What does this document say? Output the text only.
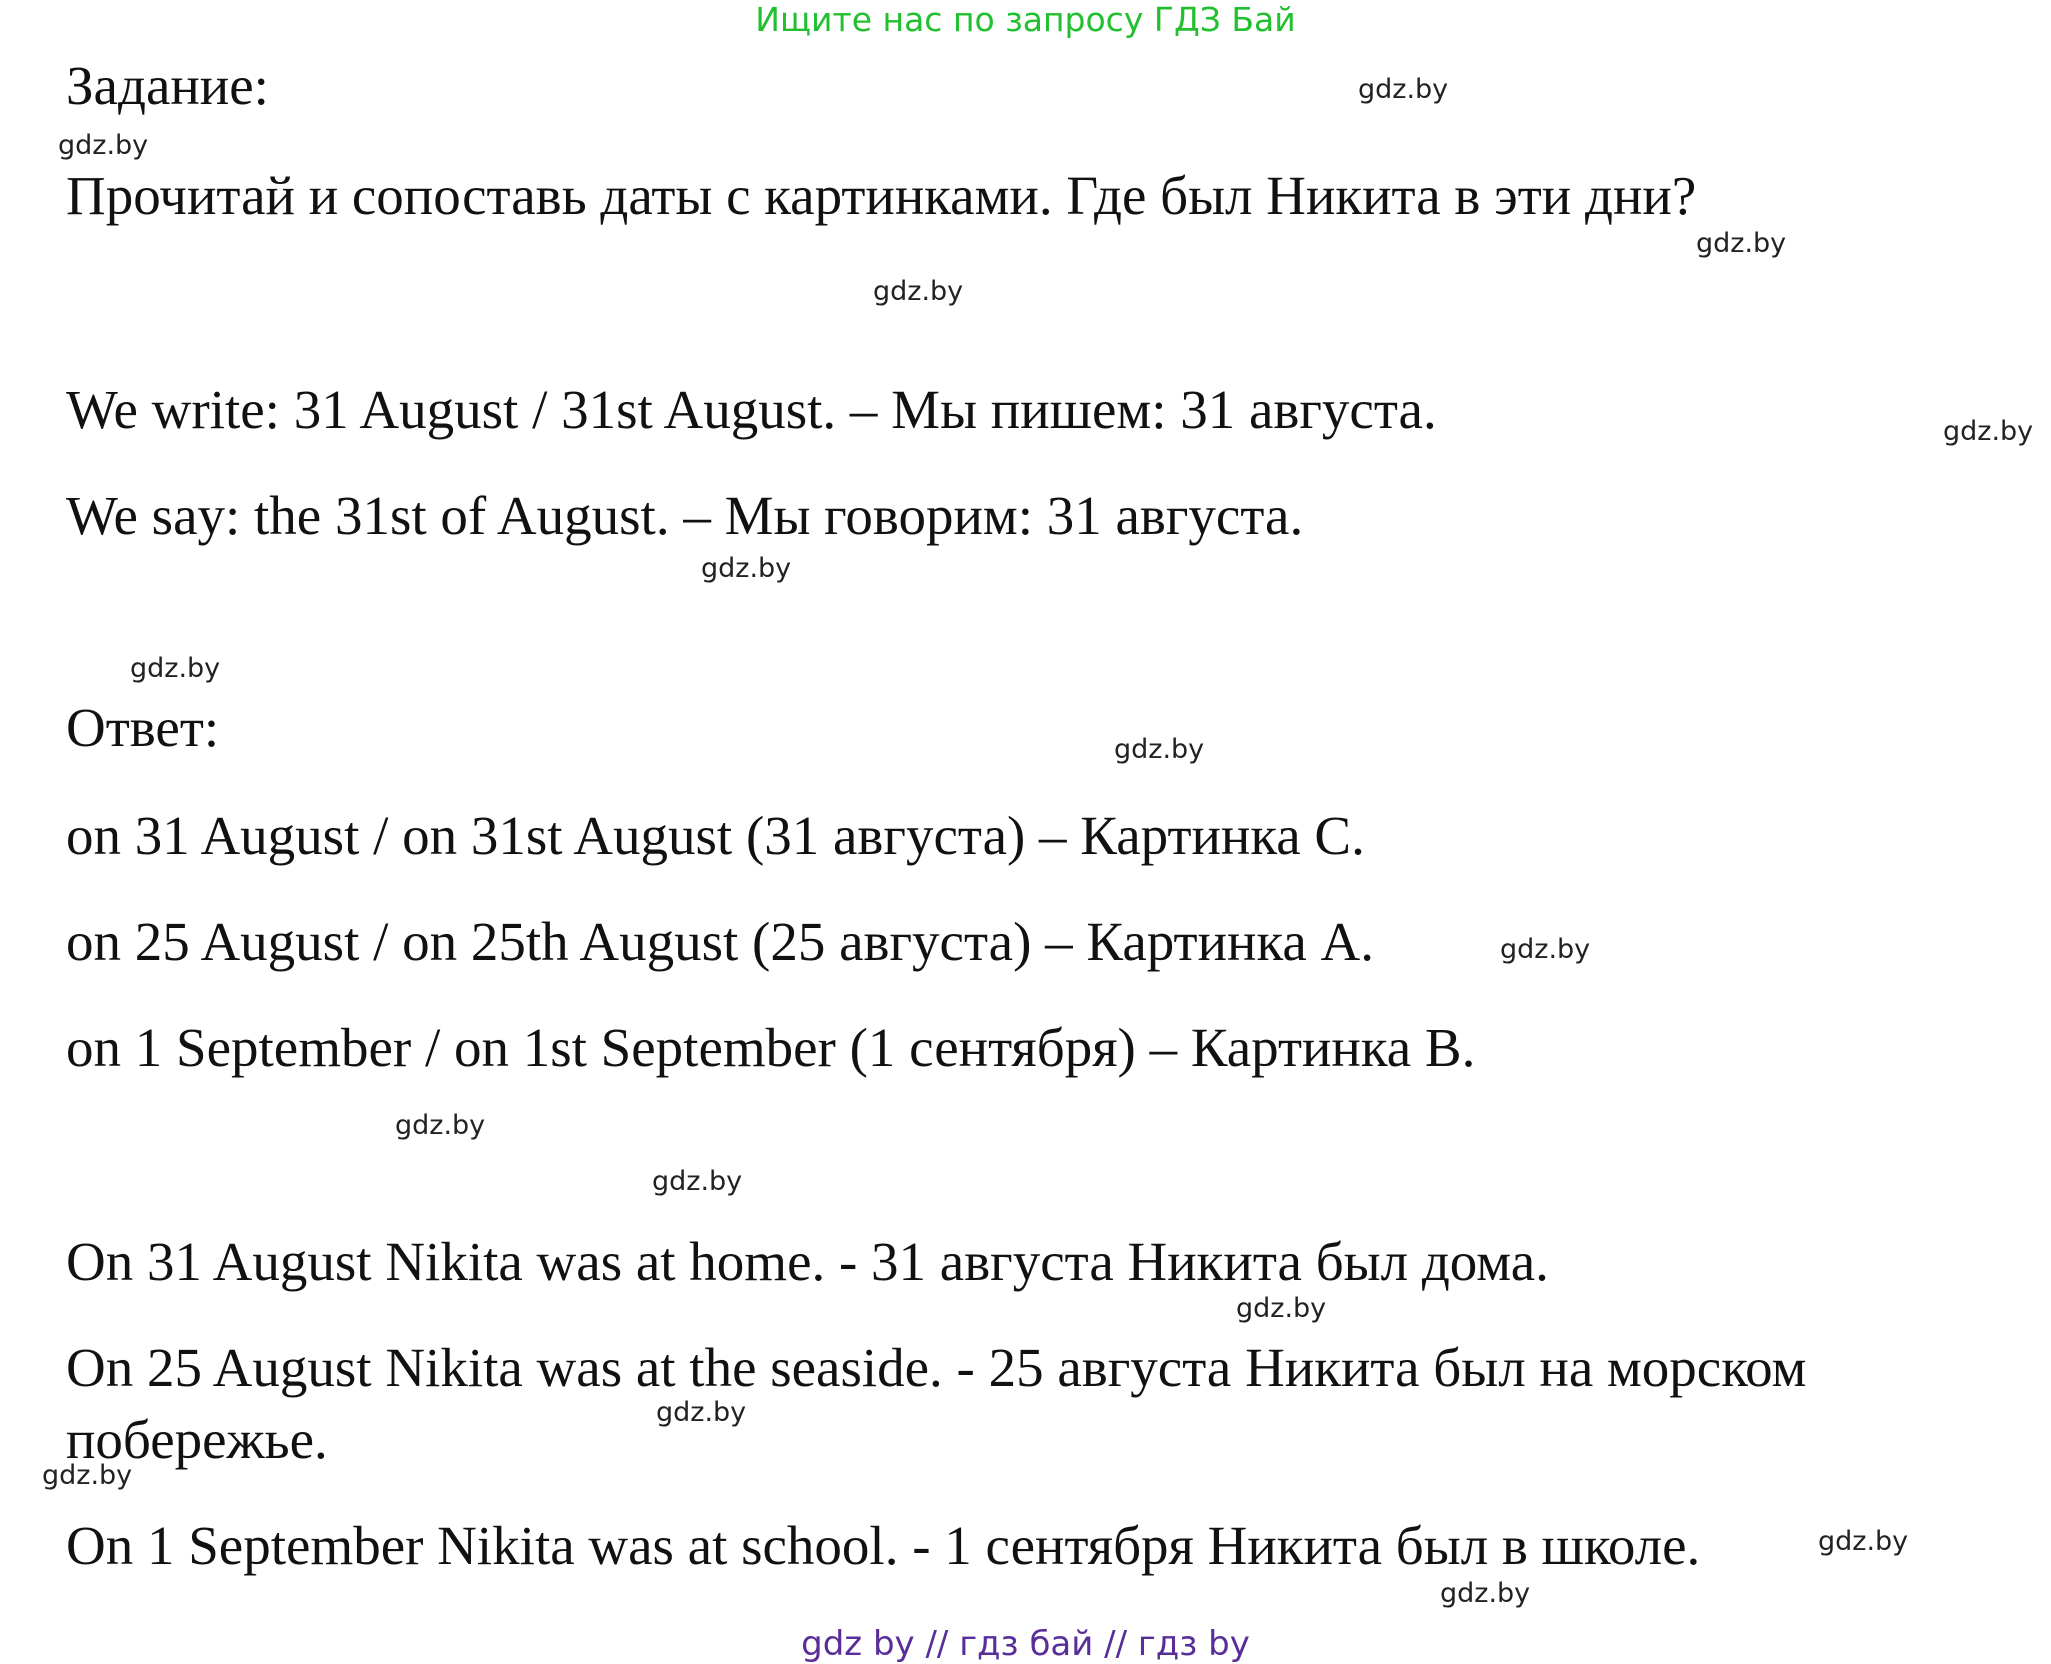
Ищите нас по запросу ГДЗ Бай
Задание:
Прочитай и сопоставь даты с картинками. Где был Никита в эти дни?
We write: 31 August / 31st August. – Мы пишем: 31 августа.
We say: the 31st of August. – Мы говорим: 31 августа.
Ответ:
on 31 August / on 31st August (31 августа) – Картинка С.
on 25 August / on 25th August (25 августа) – Картинка А.
on 1 September / on 1st September (1 сентября) – Картинка В.
On 31 August Nikita was at home. - 31 августа Никита был дома.
On 25 August Nikita was at the seaside. - 25 августа Никита был на морском
побережье.
On 1 September Nikita was at school. - 1 сентября Никита был в школе.
gdz.by
gdz.by
gdz.by
gdz.by
gdz.by
gdz.by
gdz.by
gdz.by
gdz.by
gdz.by
gdz.by
gdz.by
gdz.by
gdz.by
gdz.by
gdz.by
gdz by // гдз бай // гдз by
